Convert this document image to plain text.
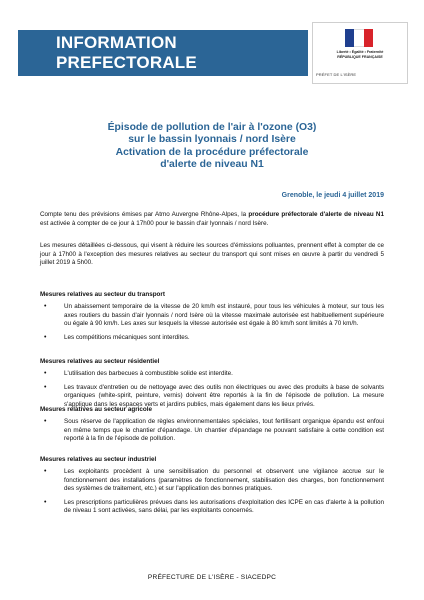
INFORMATION PREFECTORALE
Liberté • Égalité • Fraternité
RÉPUBLIQUE FRANÇAISE
PRÉFET DE L'ISÈRE
Épisode de pollution de l'air à l'ozone (O3)
sur le bassin lyonnais / nord Isère
Activation de la procédure préfectorale
d'alerte de niveau N1
Grenoble, le jeudi 4 juillet 2019

Compte tenu des prévisions émises par Atmo Auvergne Rhône-Alpes, la procédure préfectorale d'alerte de niveau N1 est activée à compter de ce jour à 17h00 pour le bassin d'air lyonnais / nord Isère.

Les mesures détaillées ci-dessous, qui visent à réduire les sources d'émissions polluantes, prennent effet à compter de ce jour à 17h00 à l'exception des mesures relatives au secteur du transport qui sont mises en œuvre à partir du vendredi 5 juillet 2019 à 5h00.

Mesures relatives au secteur du transport
• Un abaissement temporaire de la vitesse de 20 km/h est instauré, pour tous les véhicules à moteur, sur tous les axes routiers du bassin d'air lyonnais / nord Isère où la vitesse maximale autorisée est habituellement supérieure ou égale à 90 km/h. Les axes sur lesquels la vitesse autorisée est égale à 80 km/h sont limités à 70 km/h.
• Les compétitions mécaniques sont interdites.
Mesures relatives au secteur résidentiel
• L'utilisation des barbecues à combustible solide est interdite.
• Les travaux d'entretien ou de nettoyage avec des outils non électriques ou avec des produits à base de solvants organiques (white-spirit, peinture, vernis) doivent être reportés à la fin de l'épisode de pollution. La mesure s'applique dans les espaces verts et jardins publics, mais également dans les lieux privés.
Mesures relatives au secteur agricole
• Sous réserve de l'application de règles environnementales spéciales, tout fertilisant organique épandu est enfoui en même temps que le chantier d'épandage. Un chantier d'épandage ne pouvant satisfaire à cette condition est reporté à la fin de l'épisode de pollution.
Mesures relatives au secteur industriel
• Les exploitants procèdent à une sensibilisation du personnel et observent une vigilance accrue sur le fonctionnement des installations (paramètres de fonctionnement, stabilisation des charges, bon fonctionnement des systèmes de traitement, etc.) et sur l'application des bonnes pratiques.
• Les prescriptions particulières prévues dans les autorisations d'exploitation des ICPE en cas d'alerte à la pollution de niveau 1 sont activées, sans délai, par les exploitants concernés.
PRÉFECTURE DE L'ISÈRE - SIACEDPC
